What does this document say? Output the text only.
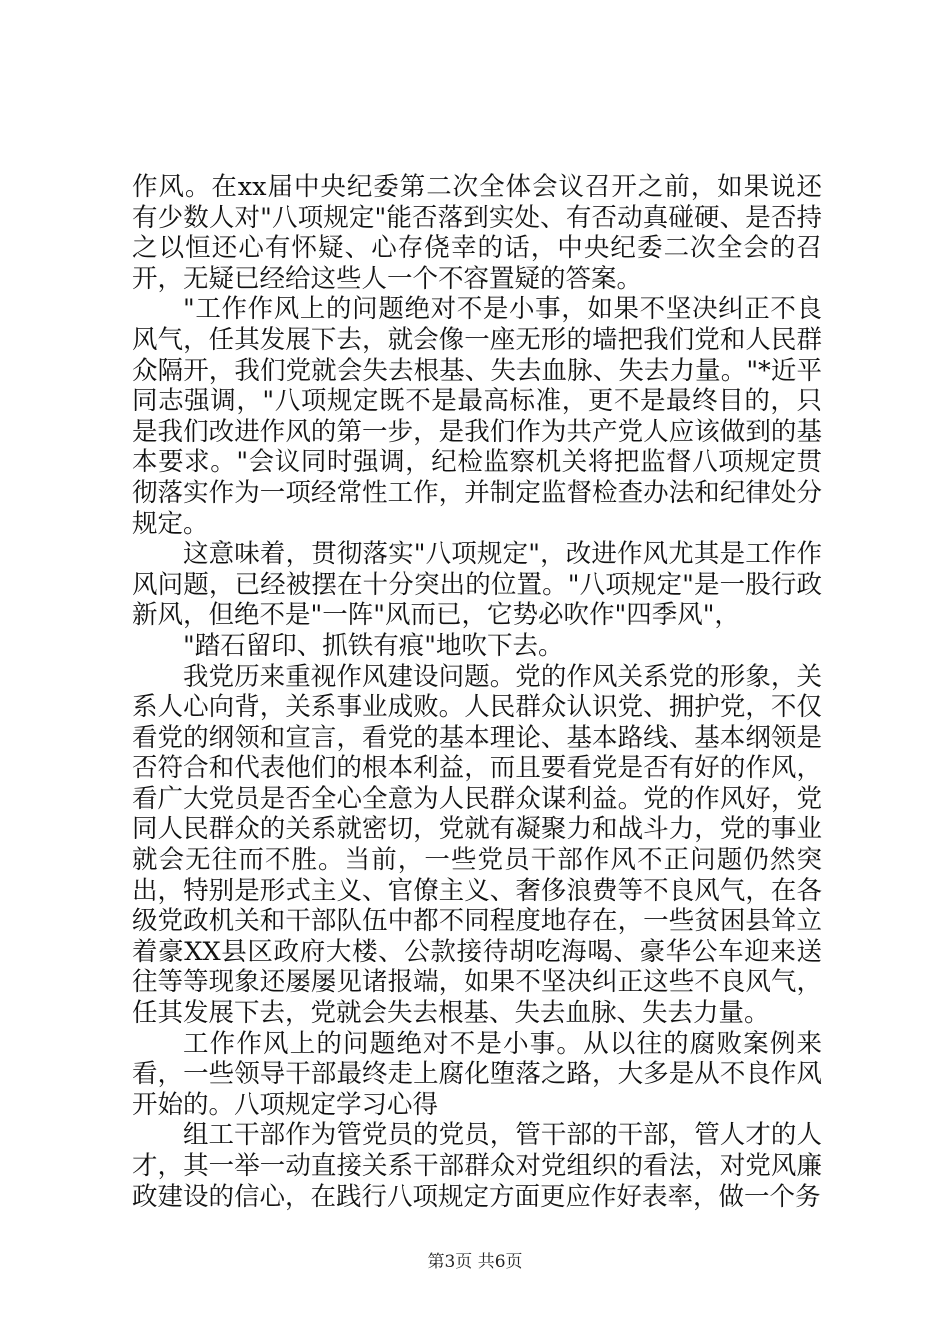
作风。在xx届中央纪委第二次全体会议召开之前，如果说还有少数人对"八项规定"能否落到实处、有否动真碰硬、是否持之以恒还心有怀疑、心存侥幸的话，中央纪委二次全会的召开，无疑已经给这些人一个不容置疑的答案。

"工作作风上的问题绝对不是小事，如果不坚决纠正不良风气，任其发展下去，就会像一座无形的墙把我们党和人民群众隔开，我们党就会失去根基、失去血脉、失去力量。"*近平同志强调，"八项规定既不是最高标准，更不是最终目的，只是我们改进作风的第一步，是我们作为共产党人应该做到的基本要求。"会议同时强调，纪检监察机关将把监督八项规定贯彻落实作为一项经常性工作，并制定监督检查办法和纪律处分规定。

这意味着，贯彻落实"八项规定"，改进作风尤其是工作作风问题，已经被摆在十分突出的位置。"八项规定"是一股行政新风，但绝不是"一阵"风而已，它势必吹作"四季风"，

"踏石留印、抓铁有痕"地吹下去。

我党历来重视作风建设问题。党的作风关系党的形象，关系人心向背，关系事业成败。人民群众认识党、拥护党，不仅看党的纲领和宣言，看党的基本理论、基本路线、基本纲领是否符合和代表他们的根本利益，而且要看党是否有好的作风，看广大党员是否全心全意为人民群众谋利益。党的作风好，党同人民群众的关系就密切，党就有凝聚力和战斗力，党的事业就会无往而不胜。当前，一些党员干部作风不正问题仍然突出，特别是形式主义、官僚主义、奢侈浪费等不良风气，在各级党政机关和干部队伍中都不同程度地存在，一些贫困县耸立着豪XX县区政府大楼、公款接待胡吃海喝、豪华公车迎来送往等等现象还屡屡见诸报端，如果不坚决纠正这些不良风气，任其发展下去，党就会失去根基、失去血脉、失去力量。

工作作风上的问题绝对不是小事。从以往的腐败案例来看，一些领导干部最终走上腐化堕落之路，大多是从不良作风开始的。八项规定学习心得

组工干部作为管党员的党员，管干部的干部，管人才的人才，其一举一动直接关系干部群众对党组织的看法，对党风廉政建设的信心，在践行八项规定方面更应作好表率，做一个务

第3页 共6页
